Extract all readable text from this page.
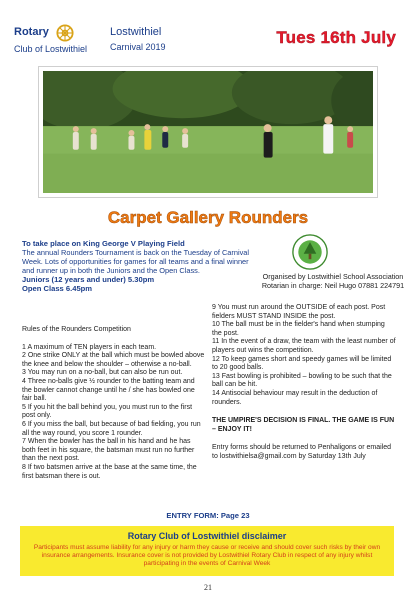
Rotary
Club of Lostwithiel
Lostwithiel
Carnival 2019	Tues 16th July
Carpet Gallery Rounders
To take place on King George V Playing Field
The annual Rounders Tournament is back on the Tuesday of Carnival Week. Lots of opportunities for games for all teams and a final winner and runner up in both the Juniors and the Open Class.
Juniors (12 years and under) 5.30pm
Open Class 6.45pm
Organised by Lostwithiel School Association
Rotarian in charge: Neil Hugo 07881 224791
Rules of the Rounders Competition

1 A maximum of TEN players in each team.

2 One strike ONLY at the ball which must be bowled above the knee and below the shoulder – otherwise a no-ball.

3 You may run on a no-ball, but can also be run out.

4 Three no-balls give ½ rounder to the batting team and the bowler cannot change until he / she has bowled one fair ball.

5 If you hit the ball behind you, you must run to the first post only.

6 If you miss the ball, but because of bad fielding, you run all the way round, you score 1 rounder.

7 When the bowler has the ball in his hand and he has both feet in his square, the batsman must run no further than the next post.

8 If two batsmen arrive at the base at the same time, the first batsman there is out.

9 You must run around the OUTSIDE of each post. Post fielders MUST STAND INSIDE the post.

10 The ball must be in the fielder's hand when stumping the post.

11 In the event of a draw, the team with the least number of players out wins the competition.

12 To keep games short and speedy games will be limited to 20 good balls.

13 Fast bowling is prohibited – bowling to be such that the ball can be hit.

14 Antisocial behaviour may result in the deduction of rounders.

THE UMPIRE'S DECISION IS FINAL. THE GAME IS FUN – ENJOY IT!

Entry forms should be returned to Penhaligons or emailed to lostwithielsa@gmail.com by Saturday 13th July

ENTRY FORM: Page 23
Rotary Club of Lostwithiel disclaimer
Participants must assume liability for any injury or harm they cause or receive and should cover such risks by their own insurance arrangements. Insurance cover is not provided by Lostwithiel Rotary Club in respect of any injury whilst participating in the events of Carnival Week
21
